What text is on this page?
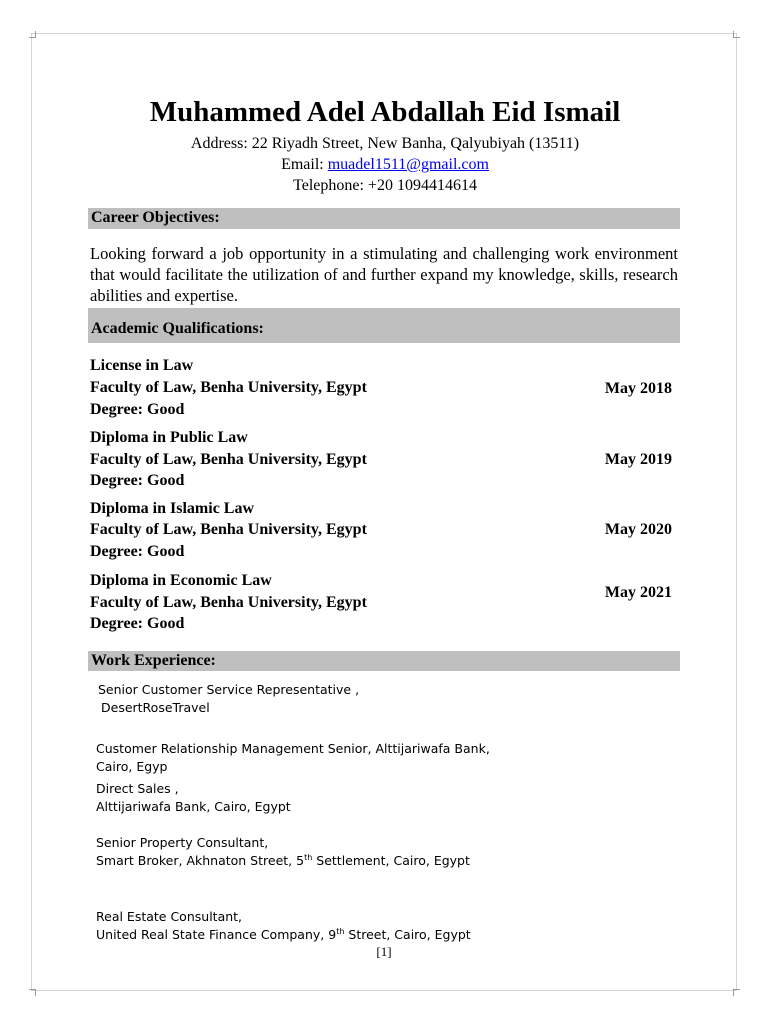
Muhammed Adel Abdallah Eid Ismail
Address: 22 Riyadh Street, New Banha, Qalyubiyah (13511)
Email: muadel1511@gmail.com
Telephone: +20 1094414614
Career Objectives:
Looking forward a job opportunity in a stimulating and challenging work environment that would facilitate the utilization of and further expand my knowledge, skills, research abilities and expertise.
Academic Qualifications:
License in Law
Faculty of Law, Benha University, Egypt
Degree: Good
May 2018
Diploma in Public Law
Faculty of Law, Benha University, Egypt
Degree: Good
May 2019
Diploma in Islamic Law
Faculty of Law, Benha University, Egypt
Degree: Good
May 2020
Diploma in Economic Law
Faculty of Law, Benha University, Egypt
Degree: Good
May 2021
Work Experience:
Senior Customer Service Representative ,
DesertRoseTravel
Customer Relationship Management Senior, Alttijariwafa Bank,
Cairo, Egyp
Direct Sales ,
Alttijariwafa Bank, Cairo, Egypt
Senior Property Consultant,
Smart Broker, Akhnaton Street, 5th Settlement, Cairo, Egypt
Real Estate Consultant,
United Real State Finance Company, 9th Street, Cairo, Egypt
[1]
